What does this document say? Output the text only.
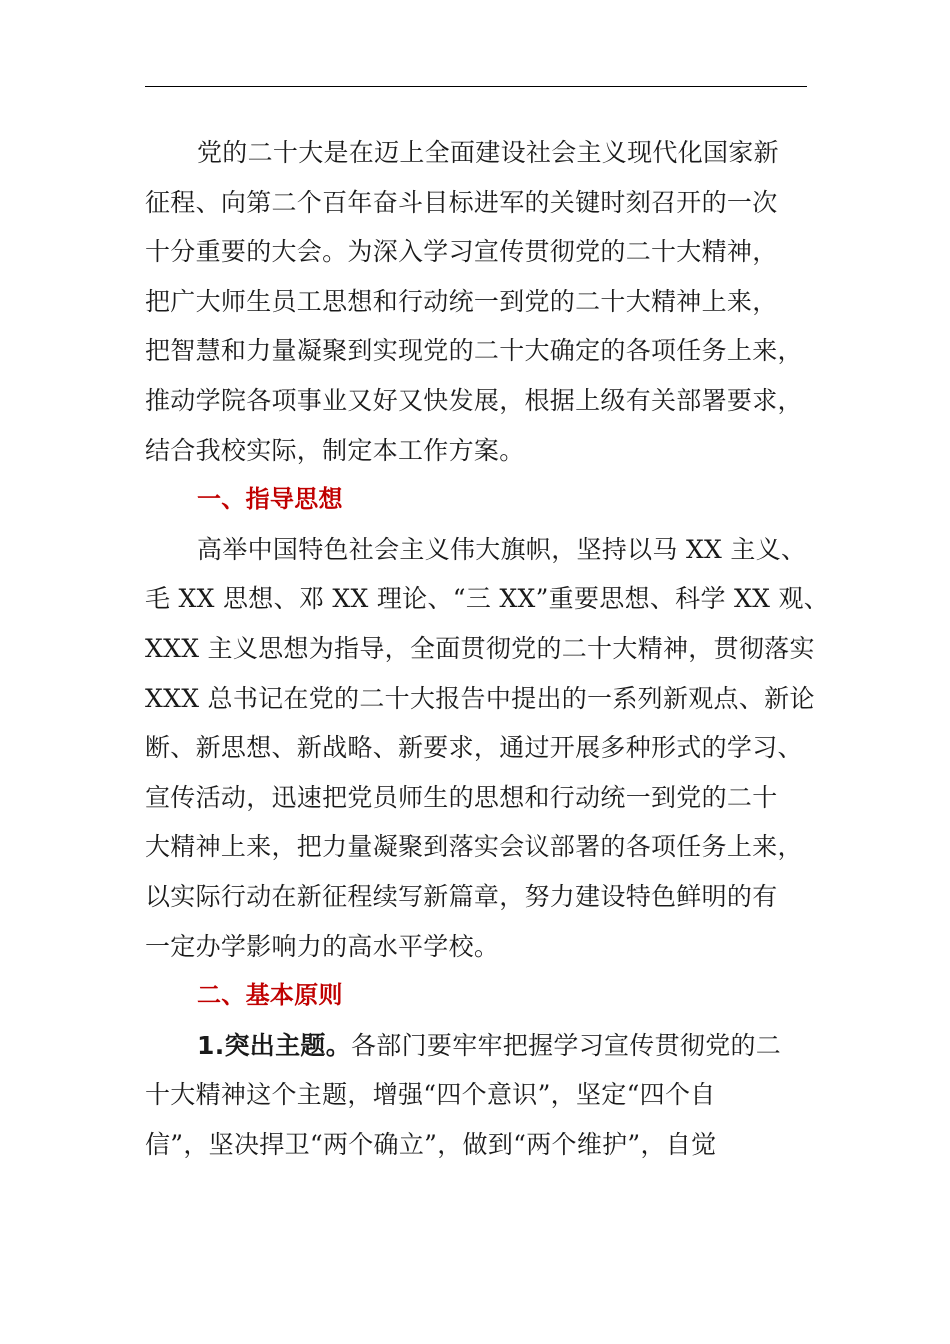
党的二十大是在迈上全面建设社会主义现代化国家新
征程、向第二个百年奋斗目标进军的关键时刻召开的一次
十分重要的大会。为深入学习宣传贯彻党的二十大精神，
把广大师生员工思想和行动统一到党的二十大精神上来，
把智慧和力量凝聚到实现党的二十大确定的各项任务上来，
推动学院各项事业又好又快发展，根据上级有关部署要求，
结合我校实际，制定本工作方案。
一、指导思想
高举中国特色社会主义伟大旗帜，坚持以马 XX 主义、
毛 XX 思想、邓 XX 理论、“三 XX”重要思想、科学 XX 观、
XXX 主义思想为指导，全面贯彻党的二十大精神，贯彻落实
XXX 总书记在党的二十大报告中提出的一系列新观点、新论
断、新思想、新战略、新要求，通过开展多种形式的学习、
宣传活动，迅速把党员师生的思想和行动统一到党的二十
大精神上来，把力量凝聚到落实会议部署的各项任务上来，
以实际行动在新征程续写新篇章，努力建设特色鲜明的有
一定办学影响力的高水平学校。
二、基本原则
1.突出主题。各部门要牢牢把握学习宣传贯彻党的二
十大精神这个主题，增强“四个意识”，坚定“四个自
信”，坚决捍卫“两个确立”，做到“两个维护”，自觉
